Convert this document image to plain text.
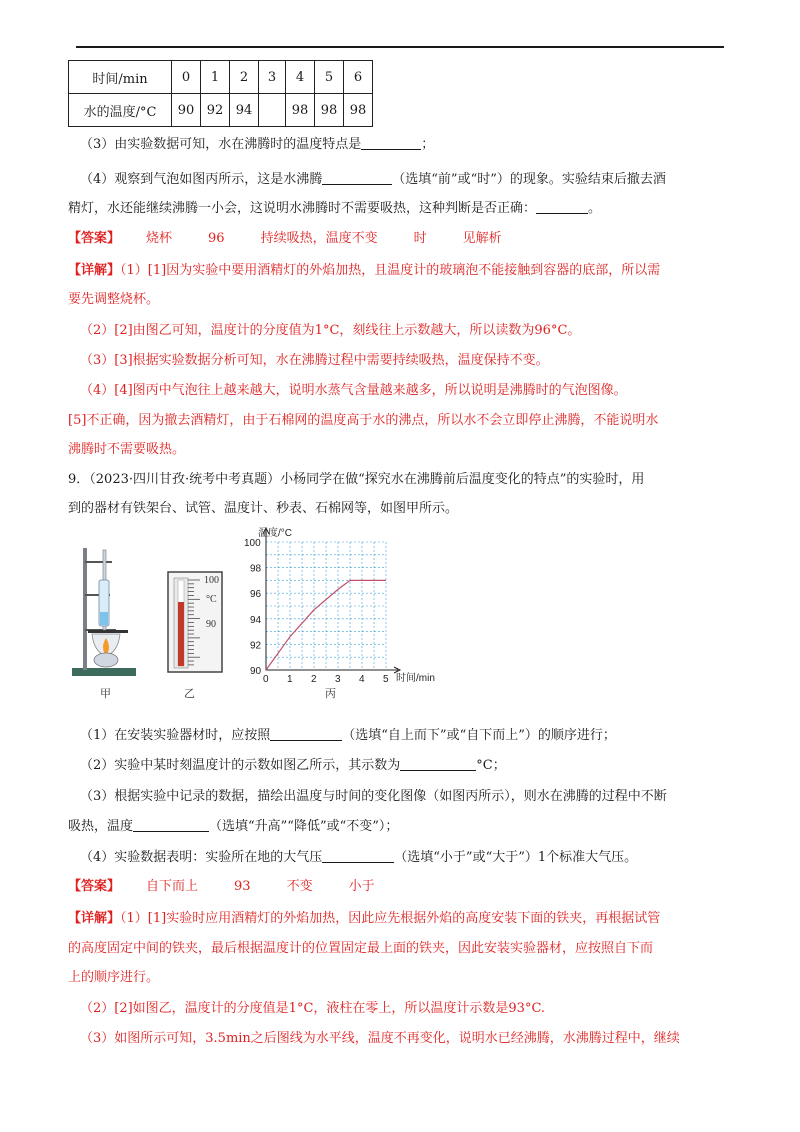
时间/min	0	1	2	3	4	5	6
水的温度/°C	90	92	94		98	98	98
（3）由实验数据可知，水在沸腾时的温度特点是	；
（4）观察到气泡如图丙所示，这是水沸腾	（选填“前”或“时”）的现象。实验结束后撤去酒
精灯，水还能继续沸腾一小会，这说明水沸腾时不需要吸热，这种判断是否正确：	。
【答案】 烧杯	96	持续吸热，温度不变	时	见解析
【详解】（1）[1]因为实验中要用酒精灯的外焰加热，且温度计的玻璃泡不能接触到容器的底部，所以需
要先调整烧杯。
（2）[2]由图乙可知，温度计的分度值为1°C，刻线往上示数越大，所以读数为96°C。
（3）[3]根据实验数据分析可知，水在沸腾过程中需要持续吸热，温度保持不变。
（4）[4]图丙中气泡往上越来越大，说明水蒸气含量越来越多，所以说明是沸腾时的气泡图像。
[5]不正确，因为撤去酒精灯，由于石棉网的温度高于水的沸点，所以水不会立即停止沸腾，不能说明水
沸腾时不需要吸热。
9．（2023·四川甘孜·统考中考真题）小杨同学在做“探究水在沸腾前后温度变化的特点”的实验时，用
到的器材有铁架台、试管、温度计、秒表、石棉网等，如图甲所示。
甲
100
°C
90
乙
0 1 2 3 4 5
90
92
94
96
98
100
温度/°C
时间/min
丙
（1）在安装实验器材时，应按照	（选填“自上而下”或“自下而上”）的顺序进行；
（2）实验中某时刻温度计的示数如图乙所示，其示数为	°C；
（3）根据实验中记录的数据，描绘出温度与时间的变化图像（如图丙所示），则水在沸腾的过程中不断
吸热，温度	（选填“升高”“降低”或“不变”）；
（4）实验数据表明：实验所在地的大气压	（选填“小于”或“大于”）1个标准大气压。
【答案】 自下而上	93	不变	小于
【详解】（1）[1]实验时应用酒精灯的外焰加热，因此应先根据外焰的高度安装下面的铁夹，再根据试管
的高度固定中间的铁夹，最后根据温度计的位置固定最上面的铁夹，因此安装实验器材，应按照自下而
上的顺序进行。
（2）[2]如图乙，温度计的分度值是1°C，液柱在零上，所以温度计示数是93°C.
（3）如图所示可知，3.5min之后图线为水平线，温度不再变化，说明水已经沸腾，水沸腾过程中，继续
